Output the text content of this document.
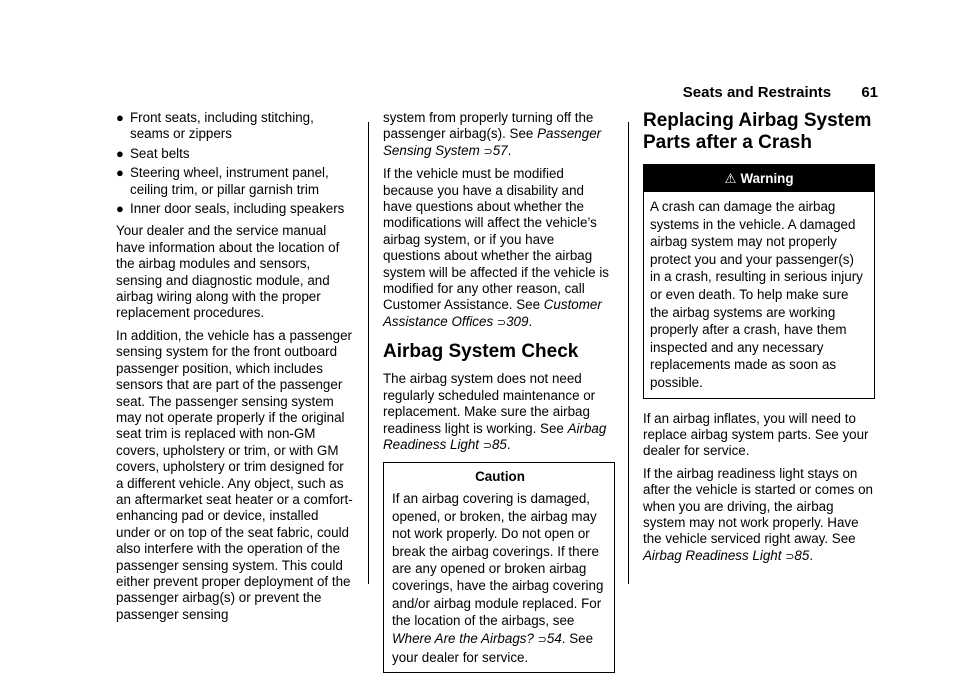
Seats and Restraints 61
● Front seats, including stitching, seams or zippers
● Seat belts
● Steering wheel, instrument panel, ceiling trim, or pillar garnish trim
● Inner door seals, including speakers

Your dealer and the service manual have information about the location of the airbag modules and sensors, sensing and diagnostic module, and airbag wiring along with the proper replacement procedures.

In addition, the vehicle has a passenger sensing system for the front outboard passenger position, which includes sensors that are part of the passenger seat. The passenger sensing system may not operate properly if the original seat trim is replaced with non-GM covers, upholstery or trim, or with GM covers, upholstery or trim designed for a different vehicle. Any object, such as an aftermarket seat heater or a comfort-enhancing pad or device, installed under or on top of the seat fabric, could also interfere with the operation of the passenger sensing system. This could either prevent proper deployment of the passenger airbag(s) or prevent the passenger sensing

system from properly turning off the passenger airbag(s). See Passenger Sensing System ⊃57.

If the vehicle must be modified because you have a disability and have questions about whether the modifications will affect the vehicle’s airbag system, or if you have questions about whether the airbag system will be affected if the vehicle is modified for any other reason, call Customer Assistance. See Customer Assistance Offices ⊃309.

Airbag System Check

The airbag system does not need regularly scheduled maintenance or replacement. Make sure the airbag readiness light is working. See Airbag Readiness Light ⊃85.

Caution

If an airbag covering is damaged, opened, or broken, the airbag may not work properly. Do not open or break the airbag coverings. If there are any opened or broken airbag coverings, have the airbag covering and/or airbag module replaced. For the location of the airbags, see Where Are the Airbags? ⊃54. See your dealer for service.

Replacing Airbag System Parts after a Crash
⚠ Warning

A crash can damage the airbag systems in the vehicle. A damaged airbag system may not properly protect you and your passenger(s) in a crash, resulting in serious injury or even death. To help make sure the airbag systems are working properly after a crash, have them inspected and any necessary replacements made as soon as possible.

If an airbag inflates, you will need to replace airbag system parts. See your dealer for service.

If the airbag readiness light stays on after the vehicle is started or comes on when you are driving, the airbag system may not work properly. Have the vehicle serviced right away. See Airbag Readiness Light ⊃85.
